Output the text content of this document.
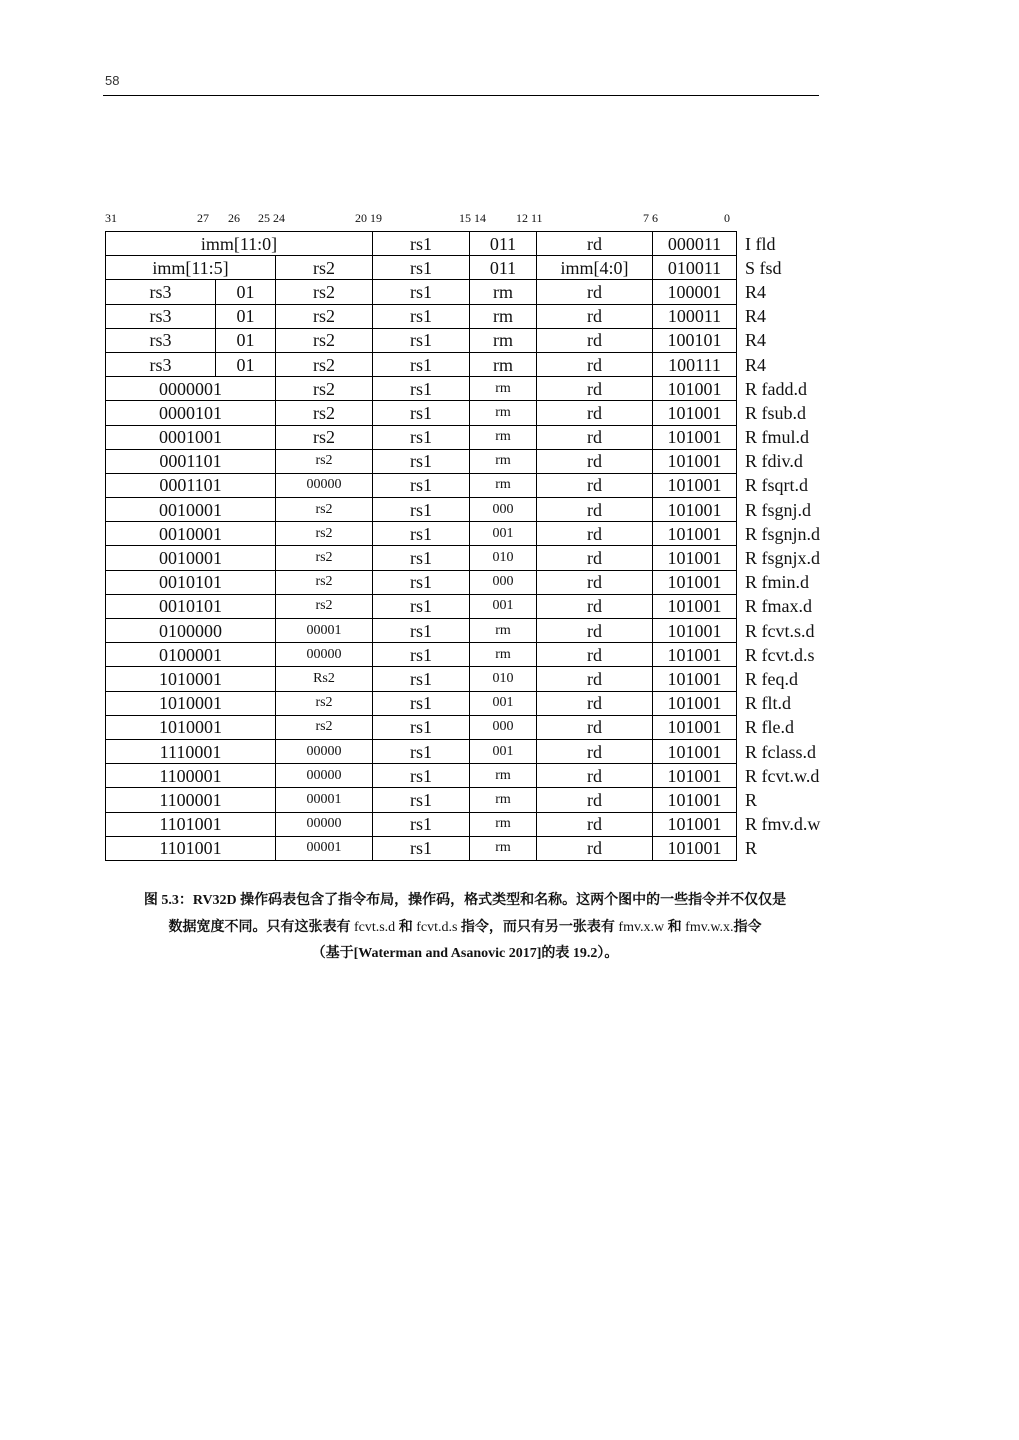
58
31	27 26 25 24	20 19	15 14	12 11	7 6	0
imm[11:0]			rs1	011	rd	000011	I fld
imm[11:5]		rs2	rs1	011	imm[4:0]	010011	S fsd
rs3	01	rs2	rs1	rm	rd	100001	R4
rs3	01	rs2	rs1	rm	rd	100011	R4
rs3	01	rs2	rs1	rm	rd	100101	R4
rs3	01	rs2	rs1	rm	rd	100111	R4
0000001		rs2	rs1	rm	rd	101001	R fadd.d
0000101		rs2	rs1	rm	rd	101001	R fsub.d
0001001		rs2	rs1	rm	rd	101001	R fmul.d
0001101		rs2	rs1	rm	rd	101001	R fdiv.d
0001101		00000	rs1	rm	rd	101001	R fsqrt.d
0010001		rs2	rs1	000	rd	101001	R fsgnj.d
0010001		rs2	rs1	001	rd	101001	R fsgnjn.d
0010001		rs2	rs1	010	rd	101001	R fsgnjx.d
0010101		rs2	rs1	000	rd	101001	R fmin.d
0010101		rs2	rs1	001	rd	101001	R fmax.d
0100000		00001	rs1	rm	rd	101001	R fcvt.s.d
0100001		00000	rs1	rm	rd	101001	R fcvt.d.s
1010001		Rs2	rs1	010	rd	101001	R feq.d
1010001		rs2	rs1	001	rd	101001	R flt.d
1010001		rs2	rs1	000	rd	101001	R fle.d
1110001		00000	rs1	001	rd	101001	R fclass.d
1100001		00000	rs1	rm	rd	101001	R fcvt.w.d
1100001		00001	rs1	rm	rd	101001	R
1101001		00000	rs1	rm	rd	101001	R fmv.d.w
1101001		00001	rs1	rm	rd	101001	R
图 5.3：RV32D 操作码表包含了指令布局，操作码，格式类型和名称。这两个图中的一些指令并不仅仅是
数据宽度不同。只有这张表有 fcvt.s.d 和 fcvt.d.s 指令，而只有另一张表有 fmv.x.w 和 fmv.w.x.指令
（基于[Waterman and Asanovic 2017]的表 19.2）。
